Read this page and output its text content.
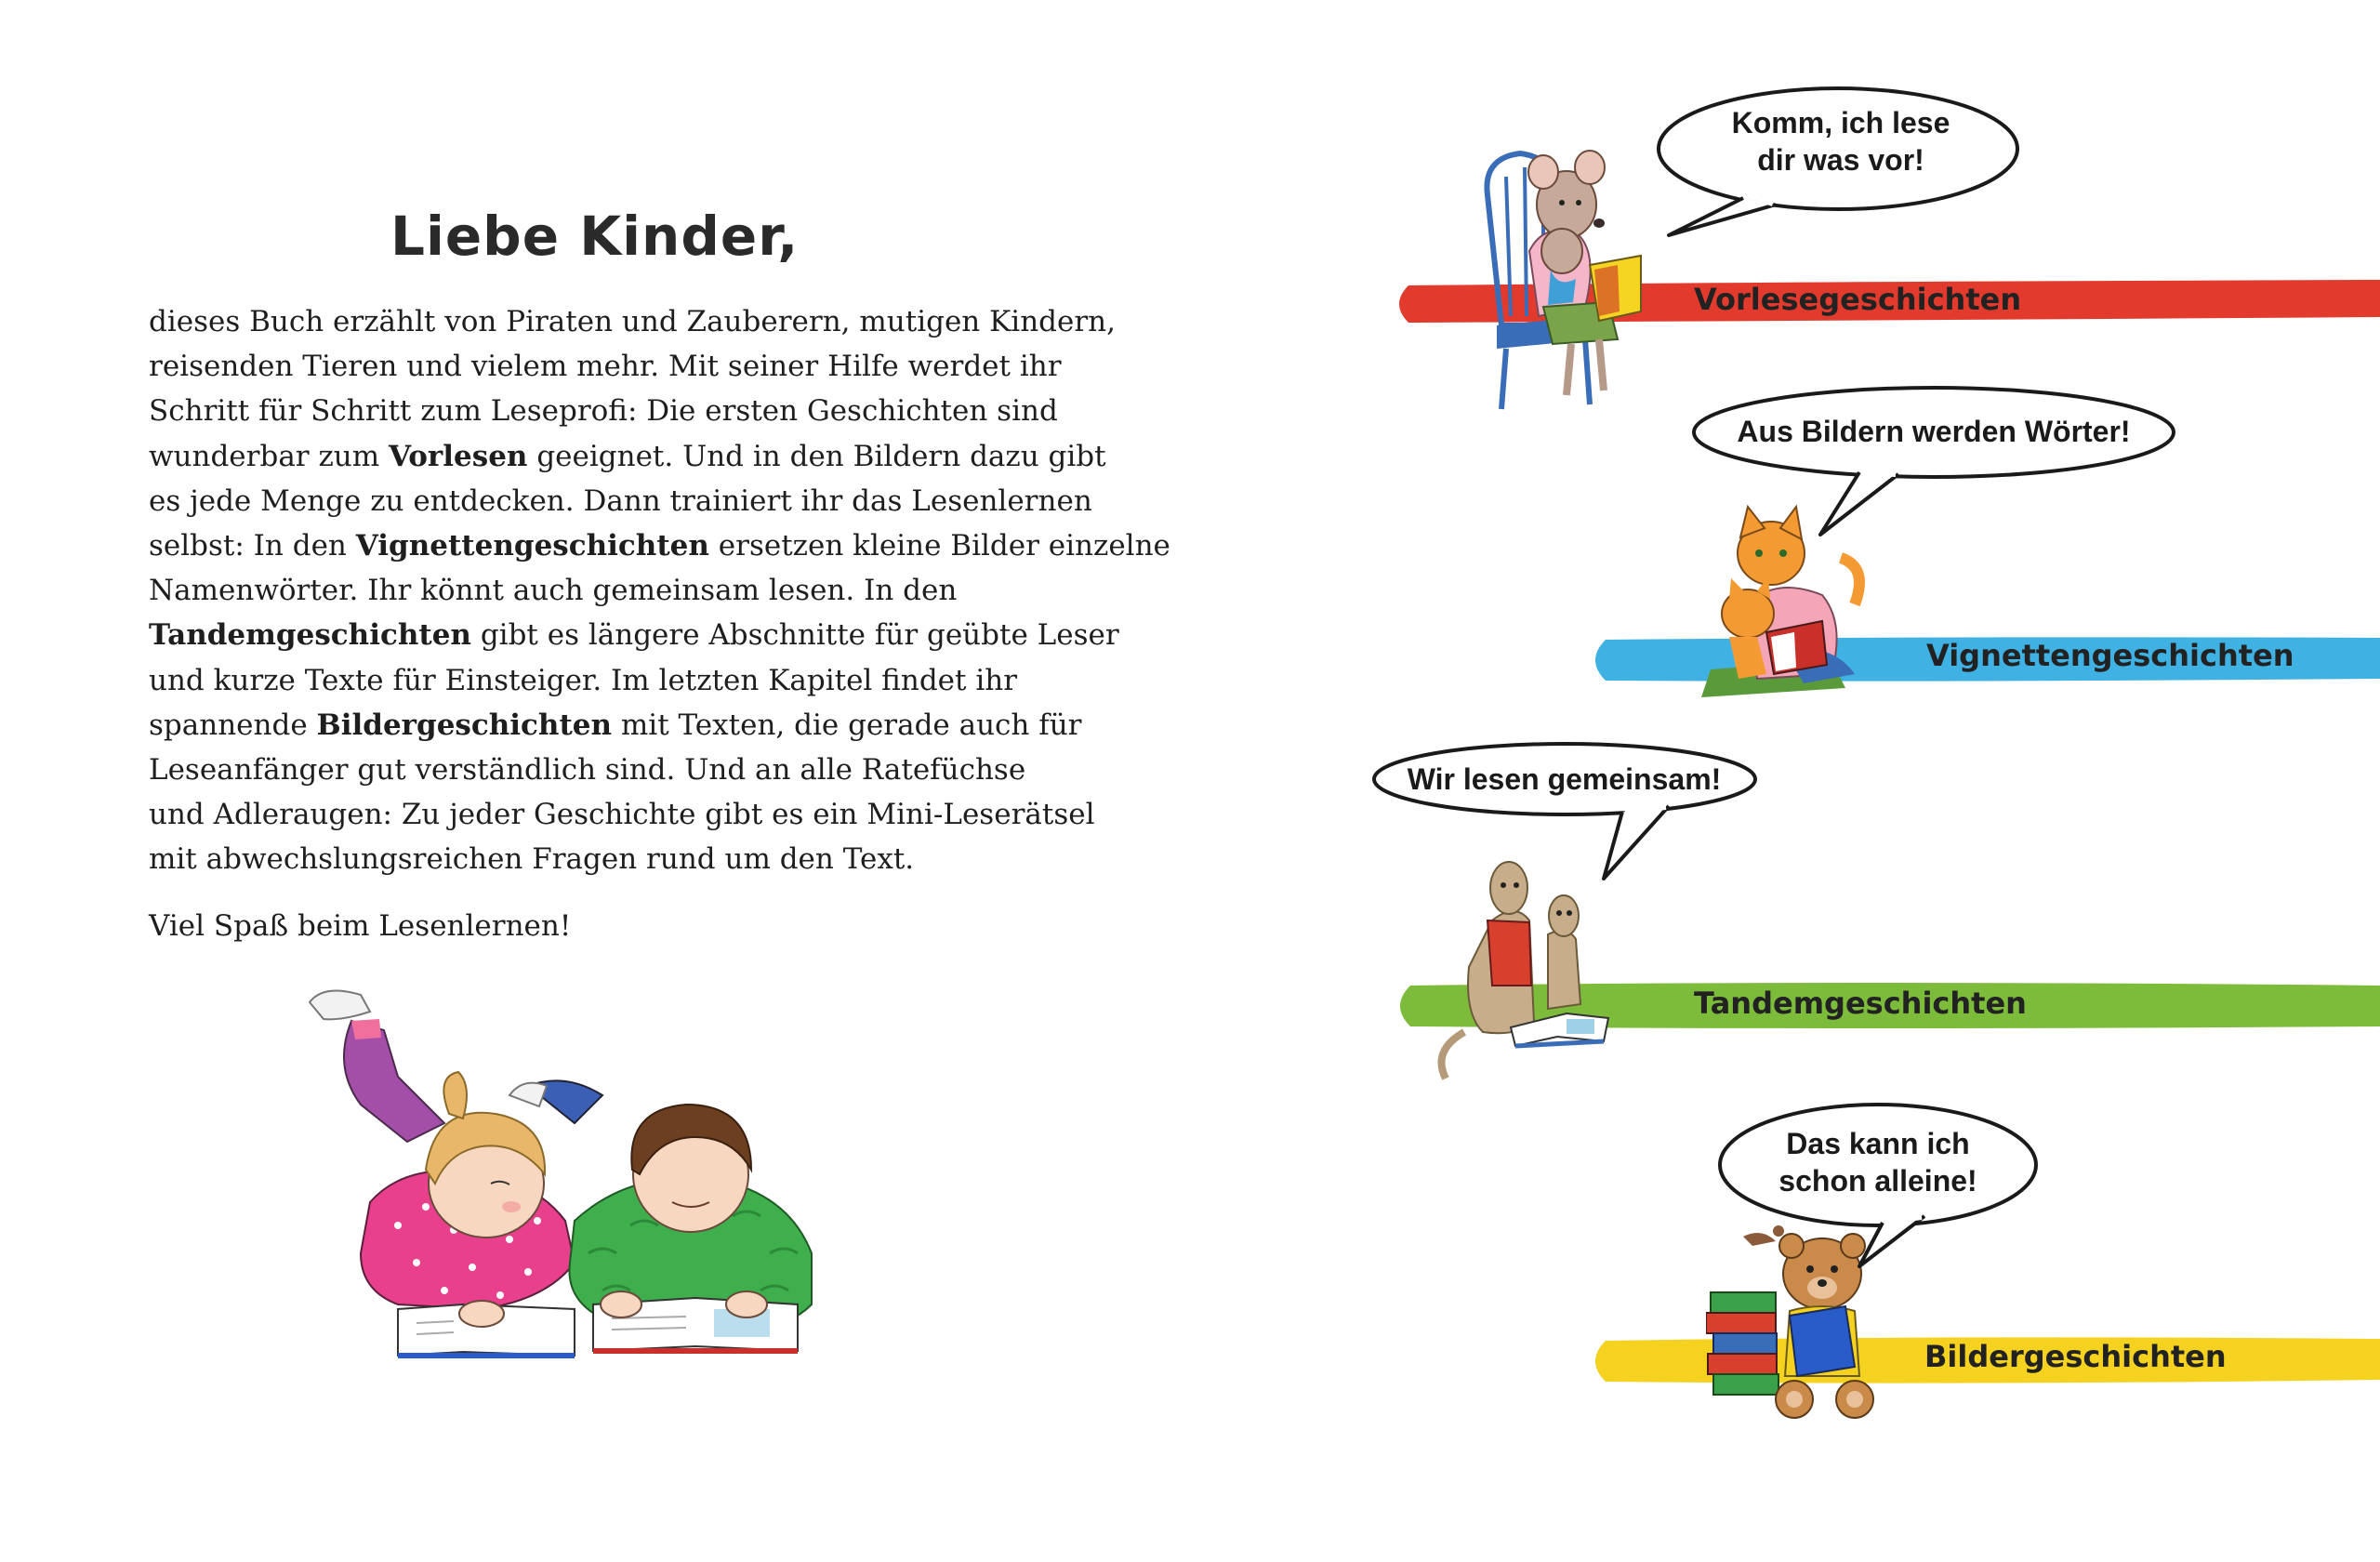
Liebe Kinder,

dieses Buch erzählt von Piraten und Zauberern, mutigen Kindern,
reisenden Tieren und vielem mehr. Mit seiner Hilfe werdet ihr
Schritt für Schritt zum Leseprofi: Die ersten Geschichten sind
wunderbar zum Vorlesen geeignet. Und in den Bildern dazu gibt
es jede Menge zu entdecken. Dann trainiert ihr das Lesenlernen
selbst: In den Vignettengeschichten ersetzen kleine Bilder einzelne
Namenwörter. Ihr könnt auch gemeinsam lesen. In den
Tandemgeschichten gibt es längere Abschnitte für geübte Leser
und kurze Texte für Einsteiger. Im letzten Kapitel findet ihr
spannende Bildergeschichten mit Texten, die gerade auch für
Leseanfänger gut verständlich sind. Und an alle Ratefüchse
und Adleraugen: Zu jeder Geschichte gibt es ein Mini-Leserätsel
mit abwechslungsreichen Fragen rund um den Text.

Viel Spaß beim Lesenlernen!

Komm, ich lese
dir was vor!
Vorlesegeschichten
Aus Bildern werden Wörter!
Vignettengeschichten
Wir lesen gemeinsam!
Tandemgeschichten
Das kann ich
schon alleine!
Bildergeschichten
